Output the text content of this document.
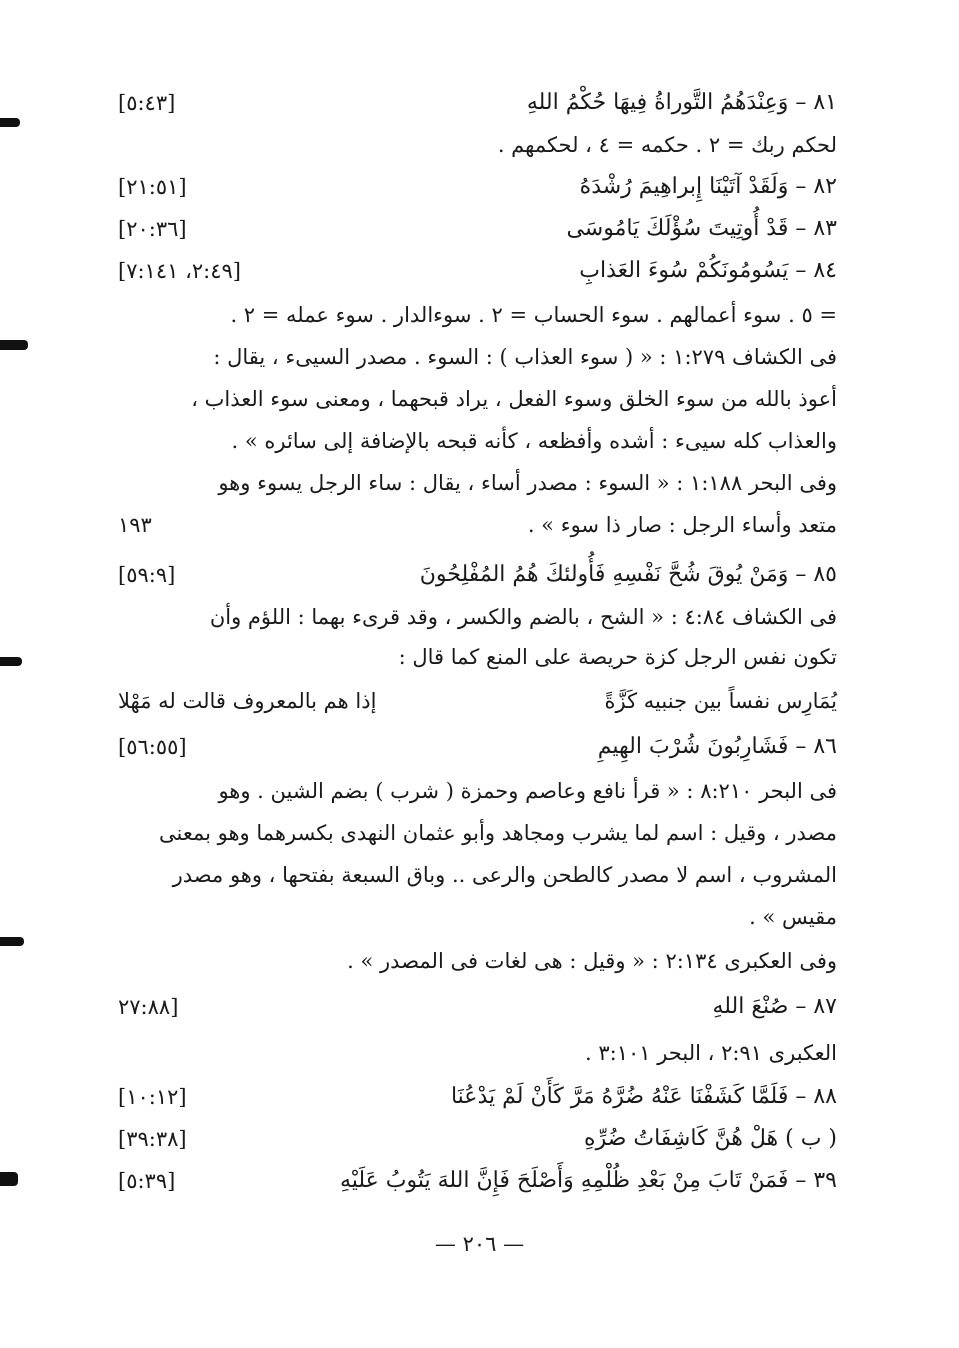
٨١ – وَعِنْدَهُمُ التَّوراةُ فِيهَا حُكْمُ اللهِ
[٥:٤٣]
لحكم ربك = ٢ . حكمه = ٤ ، لحكمهم .
٨٢ – وَلَقَدْ آتَيْنَا إِبراهِيمَ رُشْدَهُ
[٢١:٥١]
٨٣ – قَدْ أُوتِيتَ سُؤْلَكَ يَامُوسَى
[٢٠:٣٦]
٨٤ – يَسُومُونَكُمْ سُوءَ العَذابِ
[٢:٤٩، ٧:١٤١]
= ٥ . سوء أعمالهم . سوء الحساب = ٢ . سوءالدار . سوء عمله = ٢ .
فى الكشاف ١:٢٧٩ : « ( سوء العذاب ) : السوء . مصدر السيىء ، يقال :
أعوذ بالله من سوء الخلق وسوء الفعل ، يراد قبحهما ، ومعنى سوء العذاب ،
والعذاب كله سيىء : أشده وأفظعه ، كأنه قبحه بالإضافة إلى سائره » .
وفى البحر ١:١٨٨ : « السوء : مصدر أساء ، يقال : ساء الرجل يسوء وهو
متعد وأساء الرجل : صار ذا سوء » .
١٩٣
٨٥ – وَمَنْ يُوقَ شُحَّ نَفْسِهِ فَأُولئكَ هُمُ المُفْلِحُونَ
[٥٩:٩]
فى الكشاف ٤:٨٤ : « الشح ، بالضم والكسر ، وقد قرىء بهما : اللؤم وأن
تكون نفس الرجل كزة حريصة على المنع كما قال :
يُمَارِس نفساً بين جنبيه كَزَّةً
إذا هم بالمعروف قالت له مَهْلا
٨٦ – فَشَارِبُونَ شُرْبَ الهِيمِ
[٥٦:٥٥]
فى البحر ٨:٢١٠ : « قرأ نافع وعاصم وحمزة ( شرب ) بضم الشين . وهو
مصدر ، وقيل : اسم لما يشرب ومجاهد وأبو عثمان النهدى بكسرهما وهو بمعنى
المشروب ، اسم لا مصدر كالطحن والرعى .. وباق السبعة بفتحها ، وهو مصدر
مقيس » .
وفى العكبرى ٢:١٣٤ : « وقيل : هى لغات فى المصدر » .
٨٧ – صُنْعَ اللهِ
٢٧:٨٨]
العكبرى ٢:٩١ ، البحر ٣:١٠١ .
٨٨ – فَلَمَّا كَشَفْنَا عَنْهُ ضُرَّهُ مَرَّ كَأَنْ لَمْ يَدْعُنَا
[١٠:١٢]
( ب ) هَلْ هُنَّ كَاشِفَاتُ ضُرِّهِ
[٣٩:٣٨]
٣٩ – فَمَنْ تَابَ مِنْ بَعْدِ ظُلْمِهِ وَأَصْلَحَ فَإِنَّ اللهَ يَتُوبُ عَلَيْهِ
[٥:٣٩]
— ٢٠٦ —
